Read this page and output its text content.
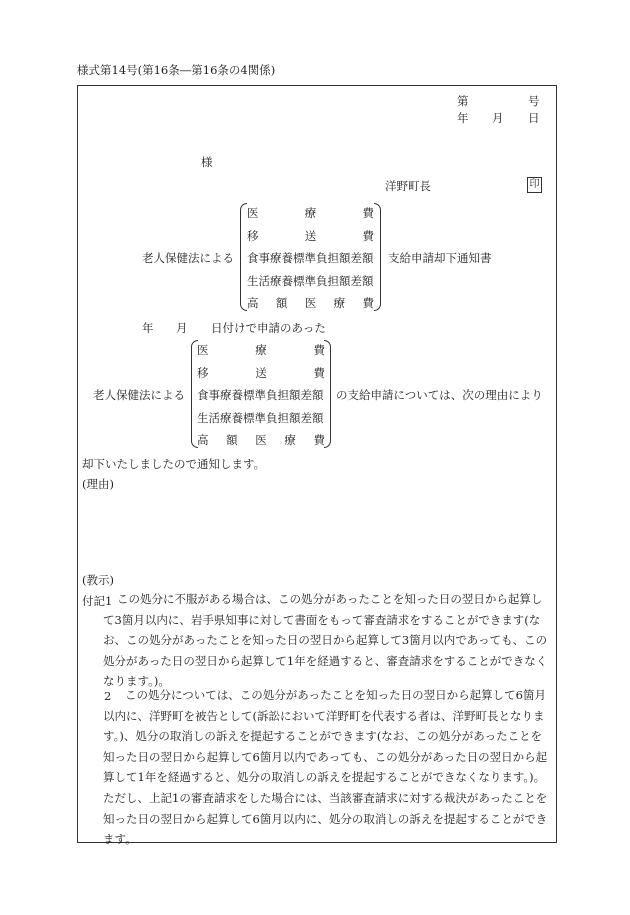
様式第14号(第16条―第16条の4関係)
第	号
年 月 日
様
洋野町長	印
老人保健法による
医	療	費
移	送	費
食事療養標準負担額差額
生活療養標準負担額差額
高 額 医 療 費
支給申請却下通知書
年 月 日付けで申請のあった
老人保健法による
医	療	費
移	送	費
食事療養標準負担額差額
生活療養標準負担額差額
高 額 医 療 費
の支給申請については、次の理由により
却下いたしましたので通知します。
(理由)
(教示)
付記1 この処分に不服がある場合は、この処分があったことを知った日の翌日から起算して3箇月以内に、岩手県知事に対して書面をもって審査請求をすることができます(なお、この処分があったことを知った日の翌日から起算して3箇月以内であっても、この処分があった日の翌日から起算して1年を経過すると、審査請求をすることができなくなります。)。
2	この処分については、この処分があったことを知った日の翌日から起算して6箇月以内に、洋野町を被告として(訴訟において洋野町を代表する者は、洋野町長となります。)、処分の取消しの訴えを提起することができます(なお、この処分があったことを知った日の翌日から起算して6箇月以内であっても、この処分があった日の翌日から起算して1年を経過すると、処分の取消しの訴えを提起することができなくなります。)。ただし、上記1の審査請求をした場合には、当該審査請求に対する裁決があったことを知った日の翌日から起算して6箇月以内に、処分の取消しの訴えを提起することができます。
